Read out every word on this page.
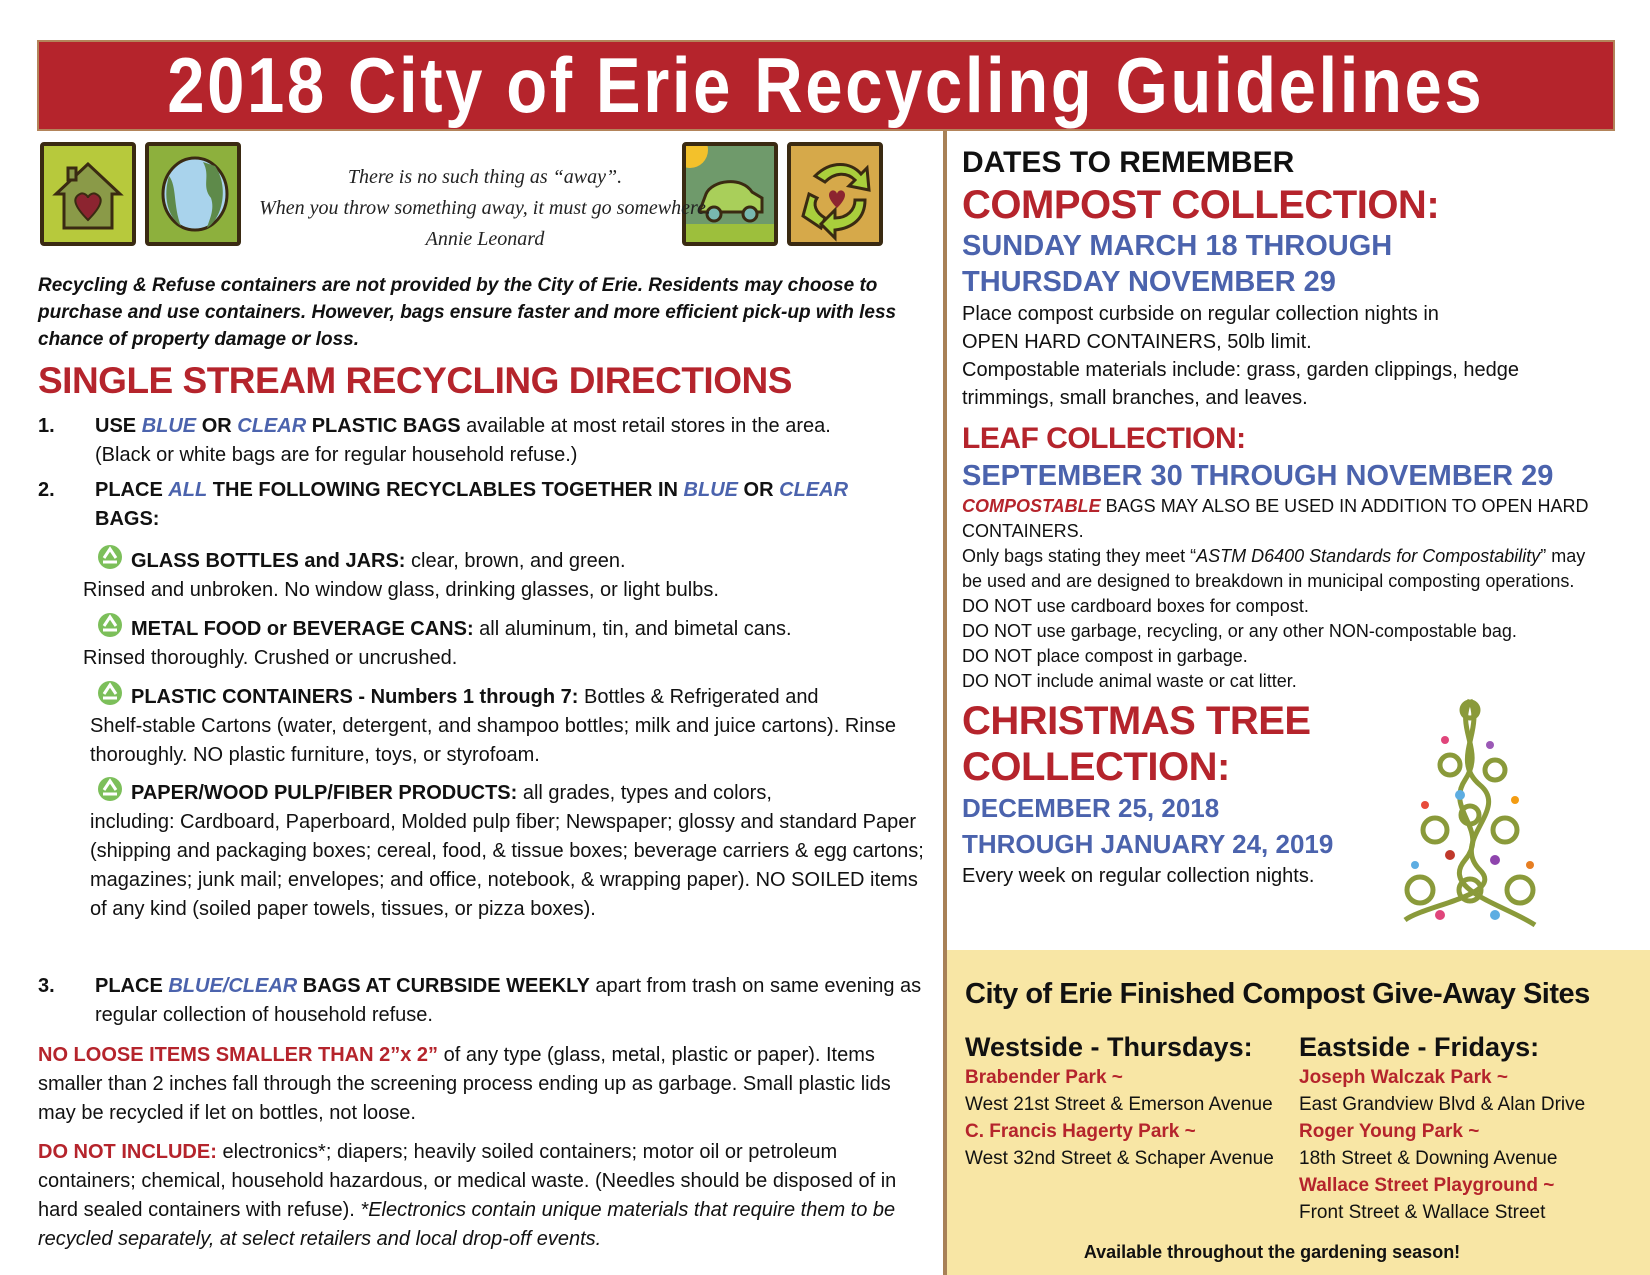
2018 City of Erie Recycling Guidelines
There is no such thing as “away”.
When you throw something away, it must go somewhere.
Annie Leonard
Recycling & Refuse containers are not provided by the City of Erie. Residents may choose to purchase and use containers. However, bags ensure faster and more efficient pick-up with less chance of property damage or loss.
SINGLE STREAM RECYCLING DIRECTIONS
1. USE BLUE OR CLEAR PLASTIC BAGS available at most retail stores in the area.
(Black or white bags are for regular household refuse.)
2. PLACE ALL THE FOLLOWING RECYCLABLES TOGETHER IN BLUE OR CLEAR
BAGS:
GLASS BOTTLES and JARS: clear, brown, and green.
Rinsed and unbroken. No window glass, drinking glasses, or light bulbs.
METAL FOOD or BEVERAGE CANS: all aluminum, tin, and bimetal cans.
Rinsed thoroughly. Crushed or uncrushed.
PLASTIC CONTAINERS - Numbers 1 through 7: Bottles & Refrigerated and

Shelf-stable Cartons (water, detergent, and shampoo bottles; milk and juice cartons). Rinse thoroughly. NO plastic furniture, toys, or styrofoam.
PAPER/WOOD PULP/FIBER PRODUCTS: all grades, types and colors,

including: Cardboard, Paperboard, Molded pulp fiber; Newspaper; glossy and standard Paper (shipping and packaging boxes; cereal, food, & tissue boxes; beverage carriers & egg cartons; magazines; junk mail; envelopes; and office, notebook, & wrapping paper). NO SOILED items of any kind (soiled paper towels, tissues, or pizza boxes).
3. PLACE BLUE/CLEAR BAGS AT CURBSIDE WEEKLY apart from trash on same evening as regular collection of household refuse.
NO LOOSE ITEMS SMALLER THAN 2”x 2” of any type (glass, metal, plastic or paper). Items smaller than 2 inches fall through the screening process ending up as garbage. Small plastic lids may be recycled if let on bottles, not loose.
DO NOT INCLUDE: electronics*; diapers; heavily soiled containers; motor oil or petroleum containers; chemical, household hazardous, or medical waste. (Needles should be disposed of in hard sealed containers with refuse). *Electronics contain unique materials that require them to be recycled separately, at select retailers and local drop-off events.
DATES TO REMEMBER
COMPOST COLLECTION:
SUNDAY MARCH 18 THROUGH
THURSDAY NOVEMBER 29
Place compost curbside on regular collection nights in
OPEN HARD CONTAINERS, 50lb limit.
Compostable materials include: grass, garden clippings, hedge trimmings, small branches, and leaves.
LEAF COLLECTION:
SEPTEMBER 30 THROUGH NOVEMBER 29
COMPOSTABLE BAGS MAY ALSO BE USED IN ADDITION TO OPEN HARD CONTAINERS.
Only bags stating they meet “ASTM D6400 Standards for Compostability” may be used and are designed to breakdown in municipal composting operations.
DO NOT use cardboard boxes for compost.
DO NOT use garbage, recycling, or any other NON-compostable bag.
DO NOT place compost in garbage.
DO NOT include animal waste or cat litter.
CHRISTMAS TREE
COLLECTION:
DECEMBER 25, 2018
THROUGH JANUARY 24, 2019
Every week on regular collection nights.
City of Erie Finished Compost Give-Away Sites
Westside - Thursdays:
Brabender Park ~
West 21st Street & Emerson Avenue
C. Francis Hagerty Park ~
West 32nd Street & Schaper Avenue
Eastside - Fridays:
Joseph Walczak Park ~
East Grandview Blvd & Alan Drive
Roger Young Park ~
18th Street & Downing Avenue
Wallace Street Playground ~
Front Street & Wallace Street
Available throughout the gardening season!
